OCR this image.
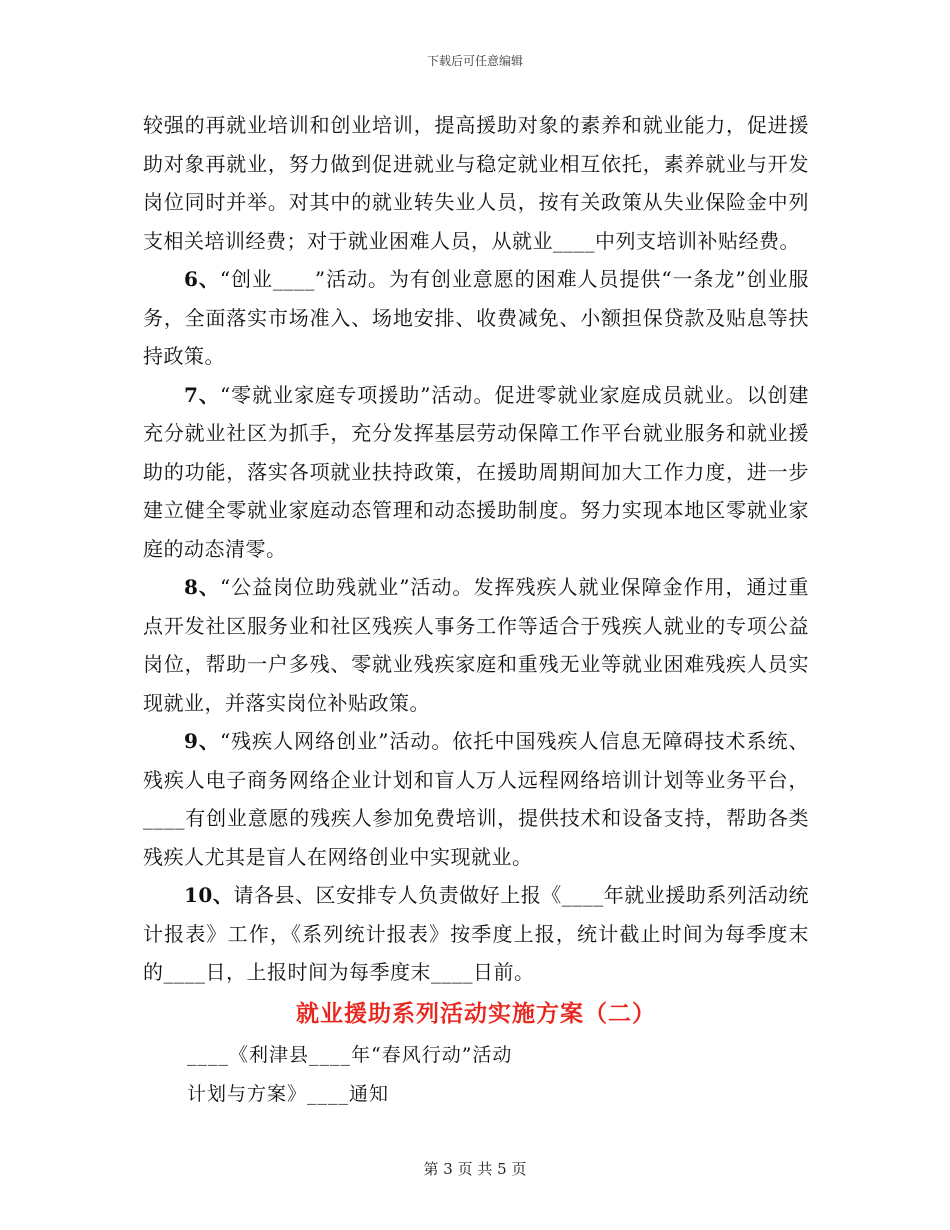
下载后可任意编辑

较强的再就业培训和创业培训，提高援助对象的素养和就业能力，促进援助对象再就业，努力做到促进就业与稳定就业相互依托，素养就业与开发岗位同时并举。对其中的就业转失业人员，按有关政策从失业保险金中列支相关培训经费；对于就业困难人员，从就业____中列支培训补贴经费。

6、“创业____”活动。为有创业意愿的困难人员提供“一条龙”创业服务，全面落实市场准入、场地安排、收费减免、小额担保贷款及贴息等扶持政策。

7、“零就业家庭专项援助”活动。促进零就业家庭成员就业。以创建充分就业社区为抓手，充分发挥基层劳动保障工作平台就业服务和就业援助的功能，落实各项就业扶持政策，在援助周期间加大工作力度，进一步建立健全零就业家庭动态管理和动态援助制度。努力实现本地区零就业家庭的动态清零。

8、“公益岗位助残就业”活动。发挥残疾人就业保障金作用，通过重点开发社区服务业和社区残疾人事务工作等适合于残疾人就业的专项公益岗位，帮助一户多残、零就业残疾家庭和重残无业等就业困难残疾人员实现就业，并落实岗位补贴政策。

9、“残疾人网络创业”活动。依托中国残疾人信息无障碍技术系统、残疾人电子商务网络企业计划和盲人万人远程网络培训计划等业务平台，____有创业意愿的残疾人参加免费培训，提供技术和设备支持，帮助各类残疾人尤其是盲人在网络创业中实现就业。

10、请各县、区安排专人负责做好上报《____年就业援助系列活动统计报表》工作，《系列统计报表》按季度上报，统计截止时间为每季度末的____日，上报时间为每季度末____日前。

就业援助系列活动实施方案（二）

____《利津县____年“春风行动”活动

计划与方案》____通知

第 3 页 共 5 页
